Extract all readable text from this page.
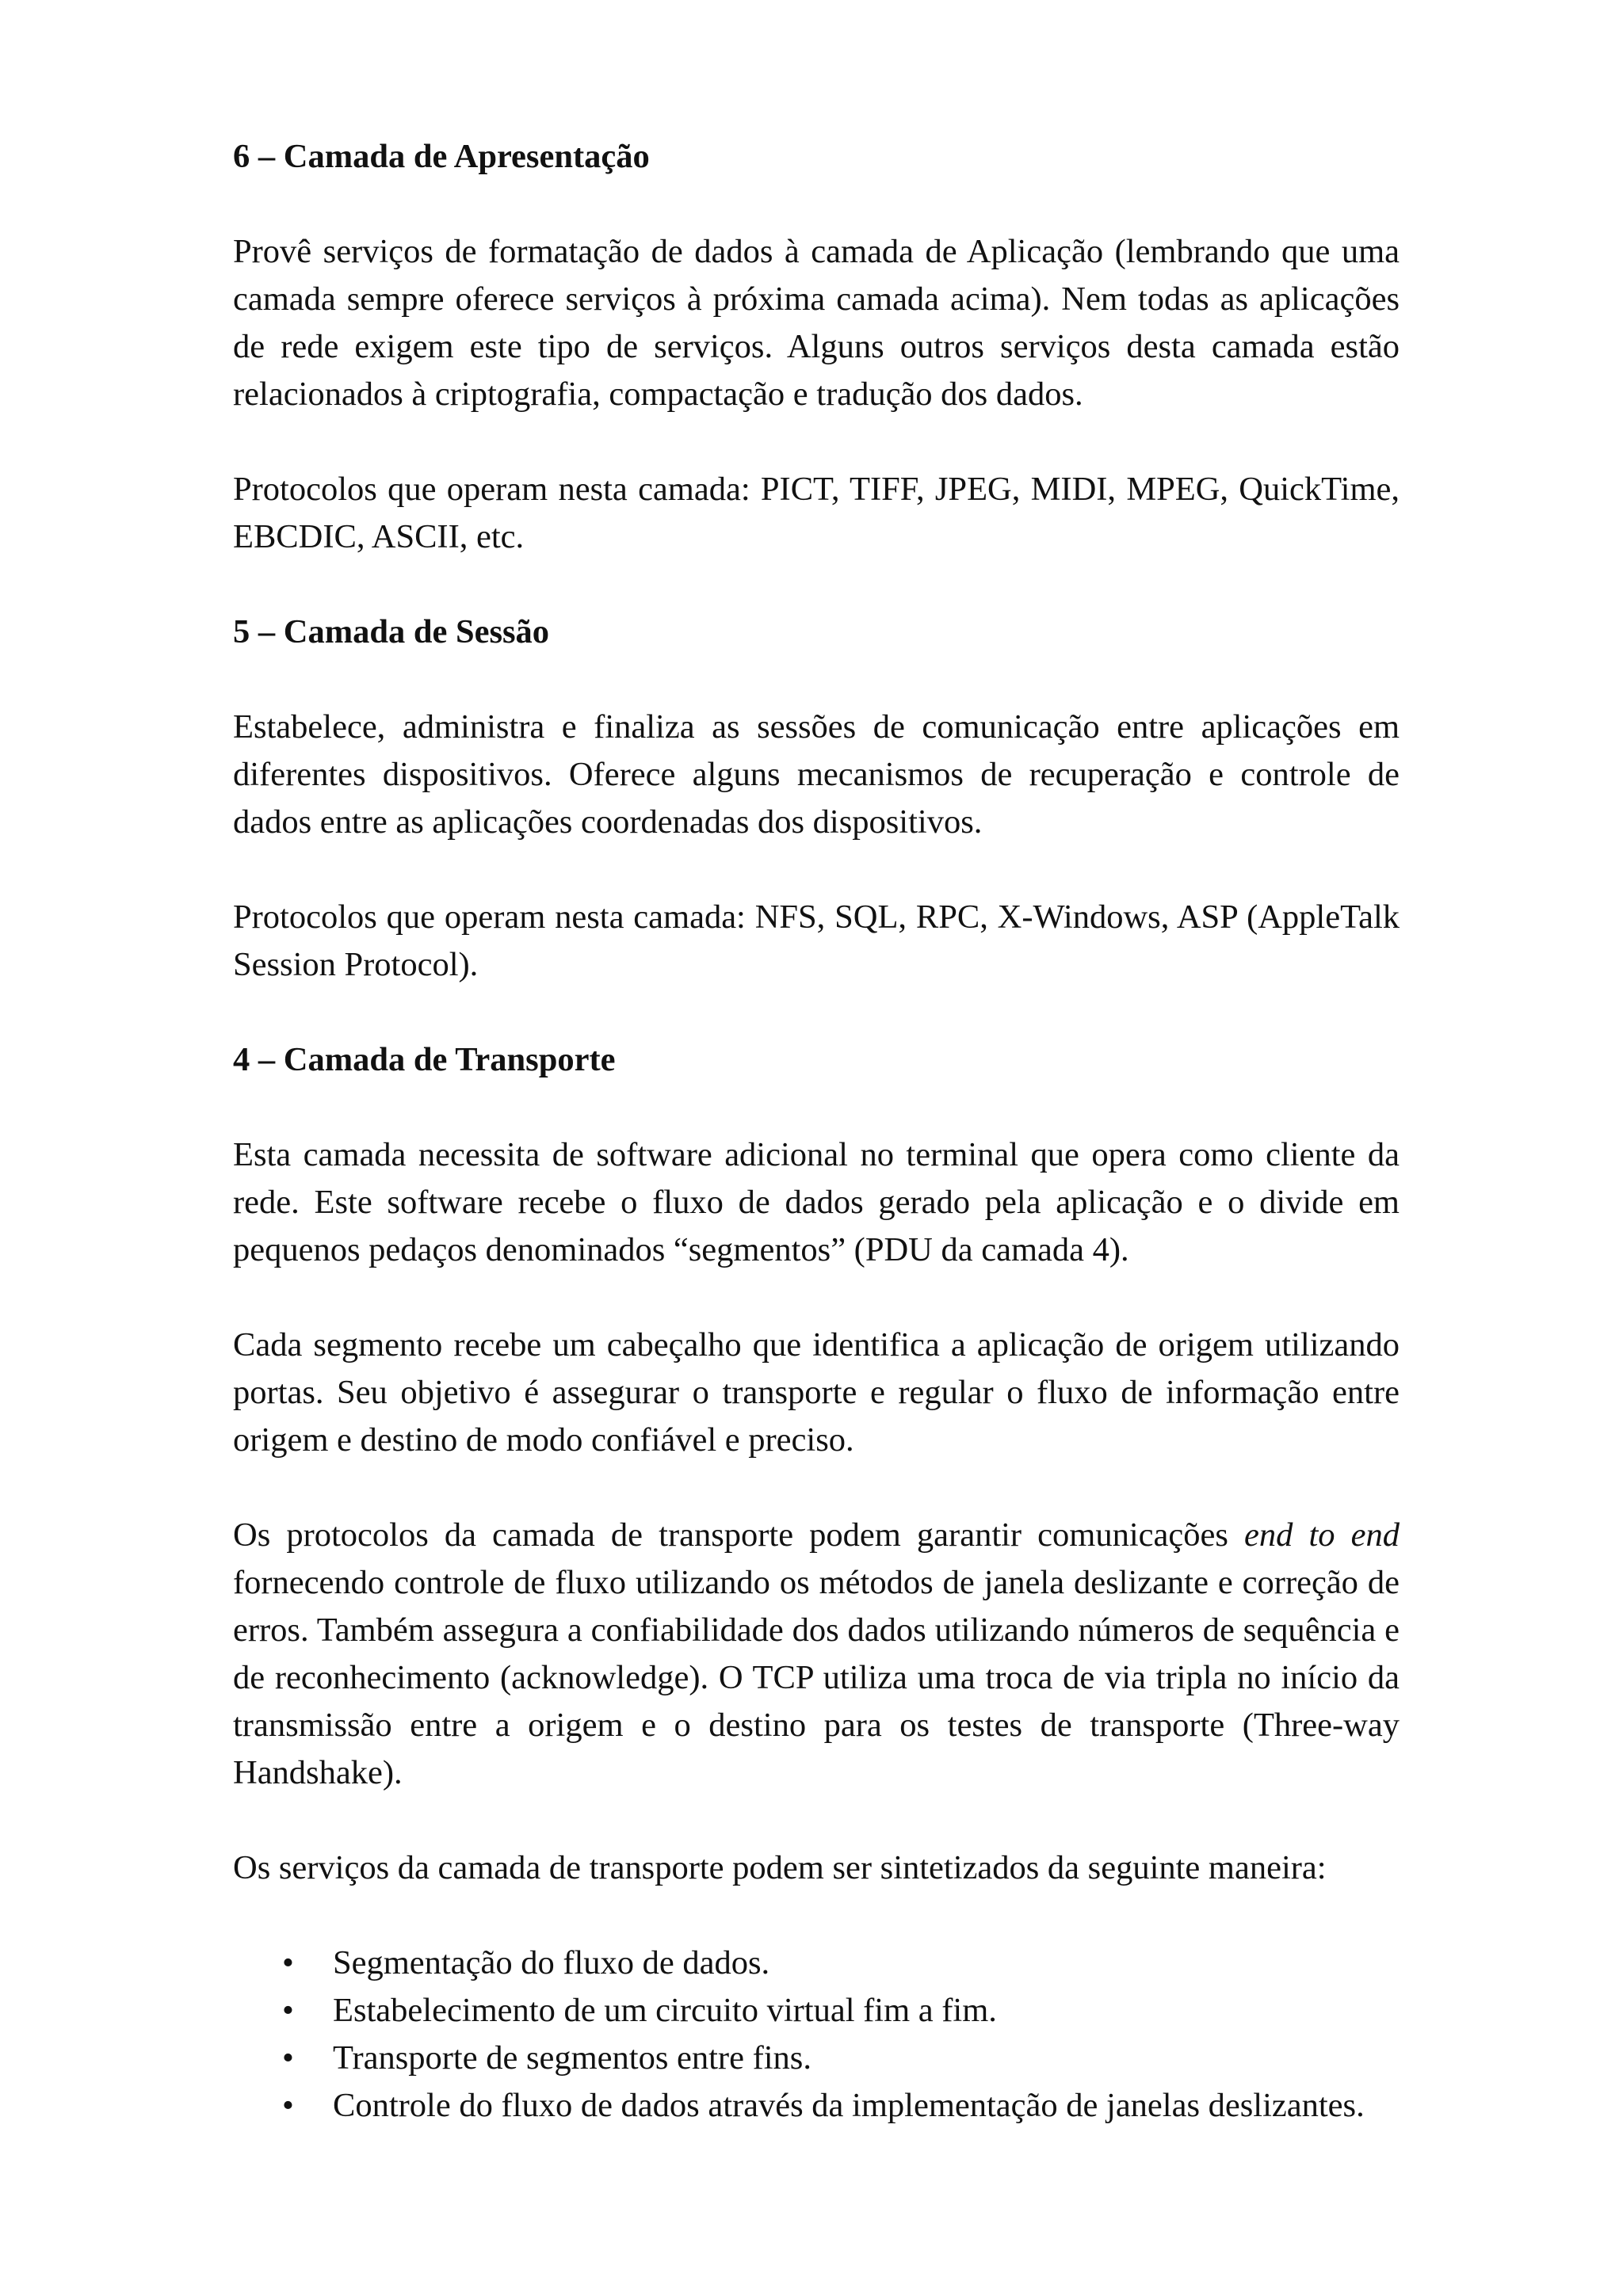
6 – Camada de Apresentação

Provê serviços de formatação de dados à camada de Aplicação (lembrando que uma camada sempre oferece serviços à próxima camada acima). Nem todas as aplicações de rede exigem este tipo de serviços. Alguns outros serviços desta camada estão relacionados à criptografia, compactação e tradução dos dados.

Protocolos que operam nesta camada: PICT, TIFF, JPEG, MIDI, MPEG, QuickTime, EBCDIC, ASCII, etc.

5 – Camada de Sessão

Estabelece, administra e finaliza as sessões de comunicação entre aplicações em diferentes dispositivos. Oferece alguns mecanismos de recuperação e controle de dados entre as aplicações coordenadas dos dispositivos.

Protocolos que operam nesta camada: NFS, SQL, RPC, X-Windows, ASP (AppleTalk Session Protocol).

4 – Camada de Transporte

Esta camada necessita de software adicional no terminal que opera como cliente da rede. Este software recebe o fluxo de dados gerado pela aplicação e o divide em pequenos pedaços denominados “segmentos” (PDU da camada 4).

Cada segmento recebe um cabeçalho que identifica a aplicação de origem utilizando portas. Seu objetivo é assegurar o transporte e regular o fluxo de informação entre origem e destino de modo confiável e preciso.

Os protocolos da camada de transporte podem garantir comunicações end to end fornecendo controle de fluxo utilizando os métodos de janela deslizante e correção de erros. Também assegura a confiabilidade dos dados utilizando números de sequência e de reconhecimento (acknowledge). O TCP utiliza uma troca de via tripla no início da transmissão entre a origem e o destino para os testes de transporte (Three-way Handshake).

Os serviços da camada de transporte podem ser sintetizados da seguinte maneira:

• Segmentação do fluxo de dados.
• Estabelecimento de um circuito virtual fim a fim.
• Transporte de segmentos entre fins.
• Controle do fluxo de dados através da implementação de janelas deslizantes.
